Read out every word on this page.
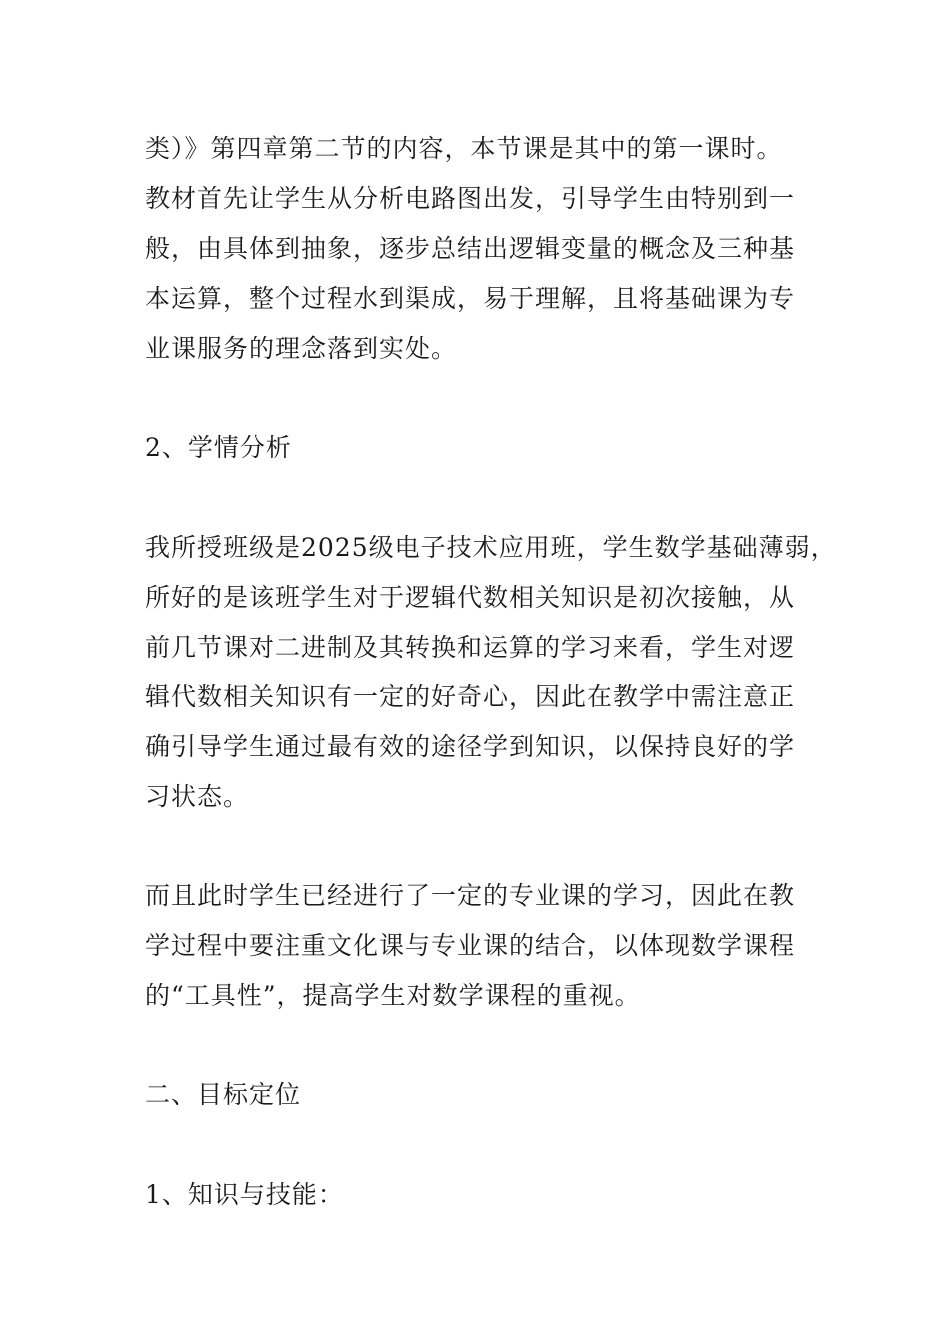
类）》第四章第二节的内容，本节课是其中的第一课时。
教材首先让学生从分析电路图出发，引导学生由特别到一
般，由具体到抽象，逐步总结出逻辑变量的概念及三种基
本运算，整个过程水到渠成，易于理解，且将基础课为专
业课服务的理念落到实处。
2、学情分析
我所授班级是2025级电子技术应用班，学生数学基础薄弱，
所好的是该班学生对于逻辑代数相关知识是初次接触，从
前几节课对二进制及其转换和运算的学习来看，学生对逻
辑代数相关知识有一定的好奇心，因此在教学中需注意正
确引导学生通过最有效的途径学到知识，以保持良好的学
习状态。
而且此时学生已经进行了一定的专业课的学习，因此在教
学过程中要注重文化课与专业课的结合，以体现数学课程
的“工具性”，提高学生对数学课程的重视。
二、目标定位
1、知识与技能：
